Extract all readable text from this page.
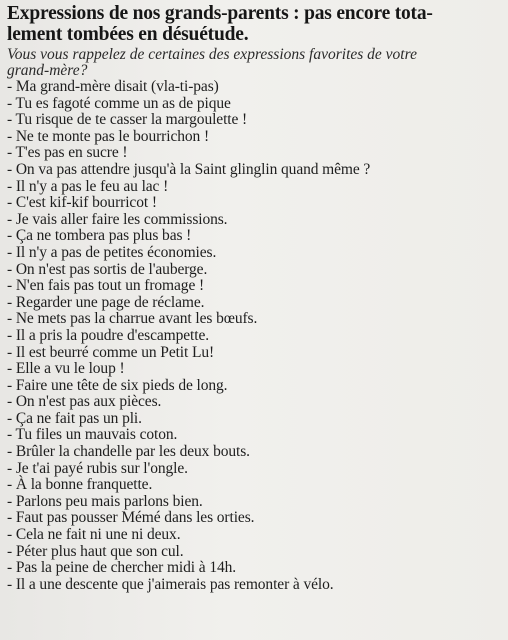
Expressions de nos grands-parents : pas encore tota-
lement tombées en désuétude.

Vous vous rappelez de certaines des expressions favorites de votre
grand-mère?

- Ma grand-mère disait (vla-ti-pas)
- Tu es fagoté comme un as de pique
- Tu risque de te casser la margoulette !
- Ne te monte pas le bourrichon !
- T'es pas en sucre !
- On va pas attendre jusqu'à la Saint glinglin quand même ?
- Il n'y a pas le feu au lac !
- C'est kif-kif bourricot !
- Je vais aller faire les commissions.
- Ça ne tombera pas plus bas !
- Il n'y a pas de petites économies.
- On n'est pas sortis de l'auberge.
- N'en fais pas tout un fromage !
- Regarder une page de réclame.
- Ne mets pas la charrue avant les bœufs.
- Il a pris la poudre d'escampette.
- Il est beurré comme un Petit Lu!
- Elle a vu le loup !
- Faire une tête de six pieds de long.
- On n'est pas aux pièces.
- Ça ne fait pas un pli.
- Tu files un mauvais coton.
- Brûler la chandelle par les deux bouts.
- Je t'ai payé rubis sur l'ongle.
- À la bonne franquette.
- Parlons peu mais parlons bien.
- Faut pas pousser Mémé dans les orties.
- Cela ne fait ni une ni deux.
- Péter plus haut que son cul.
- Pas la peine de chercher midi à 14h.
- Il a une descente que j'aimerais pas remonter à vélo.
